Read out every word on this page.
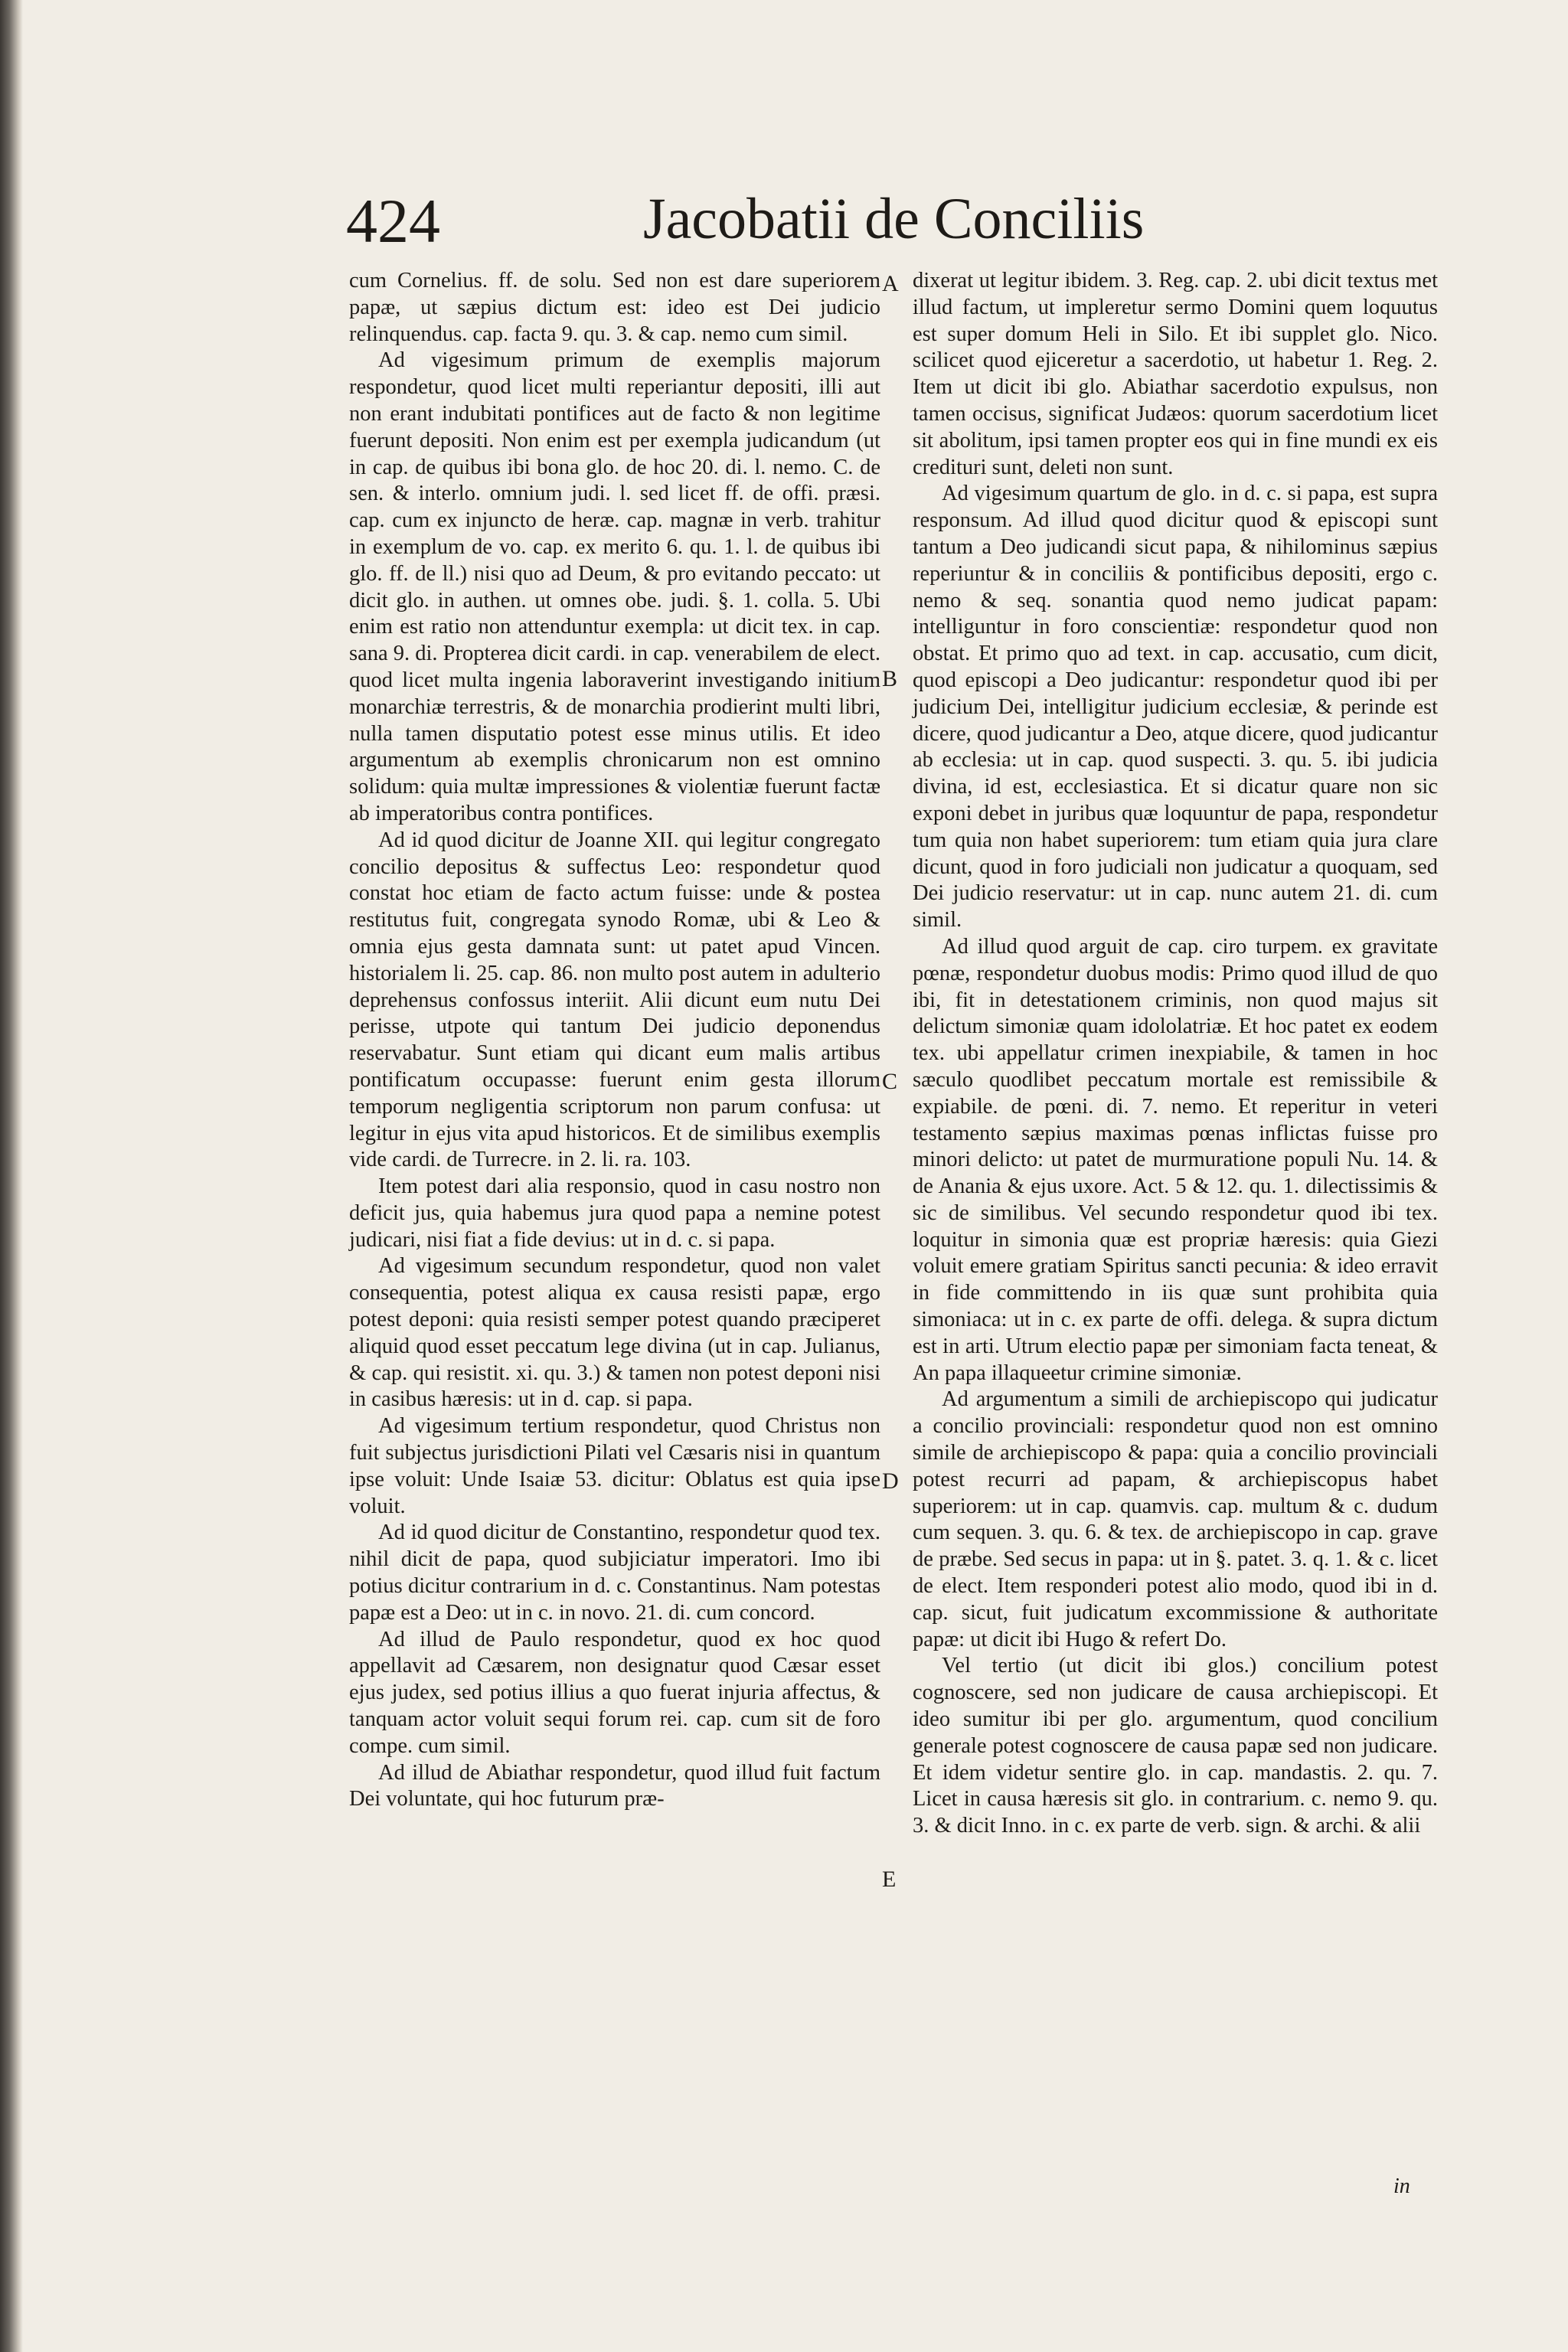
424	Jacobatii de Conciliis

cum Cornelius. ff. de solu. Sed non est dare superiorem papæ, ut sæpius dictum est: ideo est Dei judicio relinquendus. cap. facta 9. qu. 3. & cap. nemo cum simil.

Ad vigesimum primum de exemplis majorum respondetur, quod licet multi reperiantur depositi, illi aut non erant indubitati pontifices aut de facto & non legitime fuerunt depositi. Non enim est per exempla judicandum (ut in cap. de quibus ibi bona glo. de hoc 20. di. l. nemo. C. de sen. & interlo. omnium judi. l. sed licet ff. de offi. præsi. cap. cum ex injuncto de heræ. cap. magnæ in verb. trahitur in exemplum de vo. cap. ex merito 6. qu. 1. l. de quibus ibi glo. ff. de ll.) nisi quo ad Deum, & pro evitando peccato: ut dicit glo. in authen. ut omnes obe. judi. §. 1. colla. 5. Ubi enim est ratio non attenduntur exempla: ut dicit tex. in cap. sana 9. di. Propterea dicit cardi. in cap. venerabilem de elect. quod licet multa ingenia laboraverint investigando initium monarchiæ terrestris, & de monarchia prodierint multi libri, nulla tamen disputatio potest esse minus utilis. Et ideo argumentum ab exemplis chronicarum non est omnino solidum: quia multæ impressiones & violentiæ fuerunt factæ ab imperatoribus contra pontifices.

Ad id quod dicitur de Joanne XII. qui legitur congregato concilio depositus & suffectus Leo: respondetur quod constat hoc etiam de facto actum fuisse: unde & postea restitutus fuit, congregata synodo Romæ, ubi & Leo & omnia ejus gesta damnata sunt: ut patet apud Vincen. historialem li. 25. cap. 86. non multo post autem in adulterio deprehensus confossus interiit. Alii dicunt eum nutu Dei perisse, utpote qui tantum Dei judicio deponendus reservabatur. Sunt etiam qui dicant eum malis artibus pontificatum occupasse: fuerunt enim gesta illorum temporum negligentia scriptorum non parum confusa: ut legitur in ejus vita apud historicos. Et de similibus exemplis vide cardi. de Turrecre. in 2. li. ra. 103.

Item potest dari alia responsio, quod in casu nostro non deficit jus, quia habemus jura quod papa a nemine potest judicari, nisi fiat a fide devius: ut in d. c. si papa.

Ad vigesimum secundum respondetur, quod non valet consequentia, potest aliqua ex causa resisti papæ, ergo potest deponi: quia resisti semper potest quando præciperet aliquid quod esset peccatum lege divina (ut in cap. Julianus, & cap. qui resistit. xi. qu. 3.) & tamen non potest deponi nisi in casibus hæresis: ut in d. cap. si papa.

Ad vigesimum tertium respondetur, quod Christus non fuit subjectus jurisdictioni Pilati vel Cæsaris nisi in quantum ipse voluit: Unde Isaiæ 53. dicitur: Oblatus est quia ipse voluit.

Ad id quod dicitur de Constantino, respondetur quod tex. nihil dicit de papa, quod subjiciatur imperatori. Imo ibi potius dicitur contrarium in d. c. Constantinus. Nam potestas papæ est a Deo: ut in c. in novo. 21. di. cum concord.

Ad illud de Paulo respondetur, quod ex hoc quod appellavit ad Cæsarem, non designatur quod Cæsar esset ejus judex, sed potius illius a quo fuerat injuria affectus, & tanquam actor voluit sequi forum rei. cap. cum sit de foro compe. cum simil.

Ad illud de Abiathar respondetur, quod illud fuit factum Dei voluntate, qui hoc futurum præ-

A
B
C
D
E

dixerat ut legitur ibidem. 3. Reg. cap. 2. ubi dicit textus met illud factum, ut impleretur sermo Domini quem loquutus est super domum Heli in Silo. Et ibi supplet glo. Nico. scilicet quod ejiceretur a sacerdotio, ut habetur 1. Reg. 2. Item ut dicit ibi glo. Abiathar sacerdotio expulsus, non tamen occisus, significat Judæos: quorum sacerdotium licet sit abolitum, ipsi tamen propter eos qui in fine mundi ex eis credituri sunt, deleti non sunt.

Ad vigesimum quartum de glo. in d. c. si papa, est supra responsum. Ad illud quod dicitur quod & episcopi sunt tantum a Deo judicandi sicut papa, & nihilominus sæpius reperiuntur & in conciliis & pontificibus depositi, ergo c. nemo & seq. sonantia quod nemo judicat papam: intelliguntur in foro conscientiæ: respondetur quod non obstat. Et primo quo ad text. in cap. accusatio, cum dicit, quod episcopi a Deo judicantur: respondetur quod ibi per judicium Dei, intelligitur judicium ecclesiæ, & perinde est dicere, quod judicantur a Deo, atque dicere, quod judicantur ab ecclesia: ut in cap. quod suspecti. 3. qu. 5. ibi judicia divina, id est, ecclesiastica. Et si dicatur quare non sic exponi debet in juribus quæ loquuntur de papa, respondetur tum quia non habet superiorem: tum etiam quia jura clare dicunt, quod in foro judiciali non judicatur a quoquam, sed Dei judicio reservatur: ut in cap. nunc autem 21. di. cum simil.

Ad illud quod arguit de cap. ciro turpem. ex gravitate pœnæ, respondetur duobus modis: Primo quod illud de quo ibi, fit in detestationem criminis, non quod majus sit delictum simoniæ quam idololatriæ. Et hoc patet ex eodem tex. ubi appellatur crimen inexpiabile, & tamen in hoc sæculo quodlibet peccatum mortale est remissibile & expiabile. de pœni. di. 7. nemo. Et reperitur in veteri testamento sæpius maximas pœnas inflictas fuisse pro minori delicto: ut patet de murmuratione populi Nu. 14. & de Anania & ejus uxore. Act. 5 & 12. qu. 1. dilectissimis & sic de similibus. Vel secundo respondetur quod ibi tex. loquitur in simonia quæ est propriæ hæresis: quia Giezi voluit emere gratiam Spiritus sancti pecunia: & ideo erravit in fide committendo in iis quæ sunt prohibita quia simoniaca: ut in c. ex parte de offi. delega. & supra dictum est in arti. Utrum electio papæ per simoniam facta teneat, & An papa illaqueetur crimine simoniæ.

Ad argumentum a simili de archiepiscopo qui judicatur a concilio provinciali: respondetur quod non est omnino simile de archiepiscopo & papa: quia a concilio provinciali potest recurri ad papam, & archiepiscopus habet superiorem: ut in cap. quamvis. cap. multum & c. dudum cum sequen. 3. qu. 6. & tex. de archiepiscopo in cap. grave de præbe. Sed secus in papa: ut in §. patet. 3. q. 1. & c. licet de elect. Item responderi potest alio modo, quod ibi in d. cap. sicut, fuit judicatum excommissione & authoritate papæ: ut dicit ibi Hugo & refert Do.

Vel tertio (ut dicit ibi glos.) concilium potest cognoscere, sed non judicare de causa archiepiscopi. Et ideo sumitur ibi per glo. argumentum, quod concilium generale potest cognoscere de causa papæ sed non judicare. Et idem videtur sentire glo. in cap. mandastis. 2. qu. 7. Licet in causa hæresis sit glo. in contrarium. c. nemo 9. qu. 3. & dicit Inno. in c. ex parte de verb. sign. & archi. & alii

in
